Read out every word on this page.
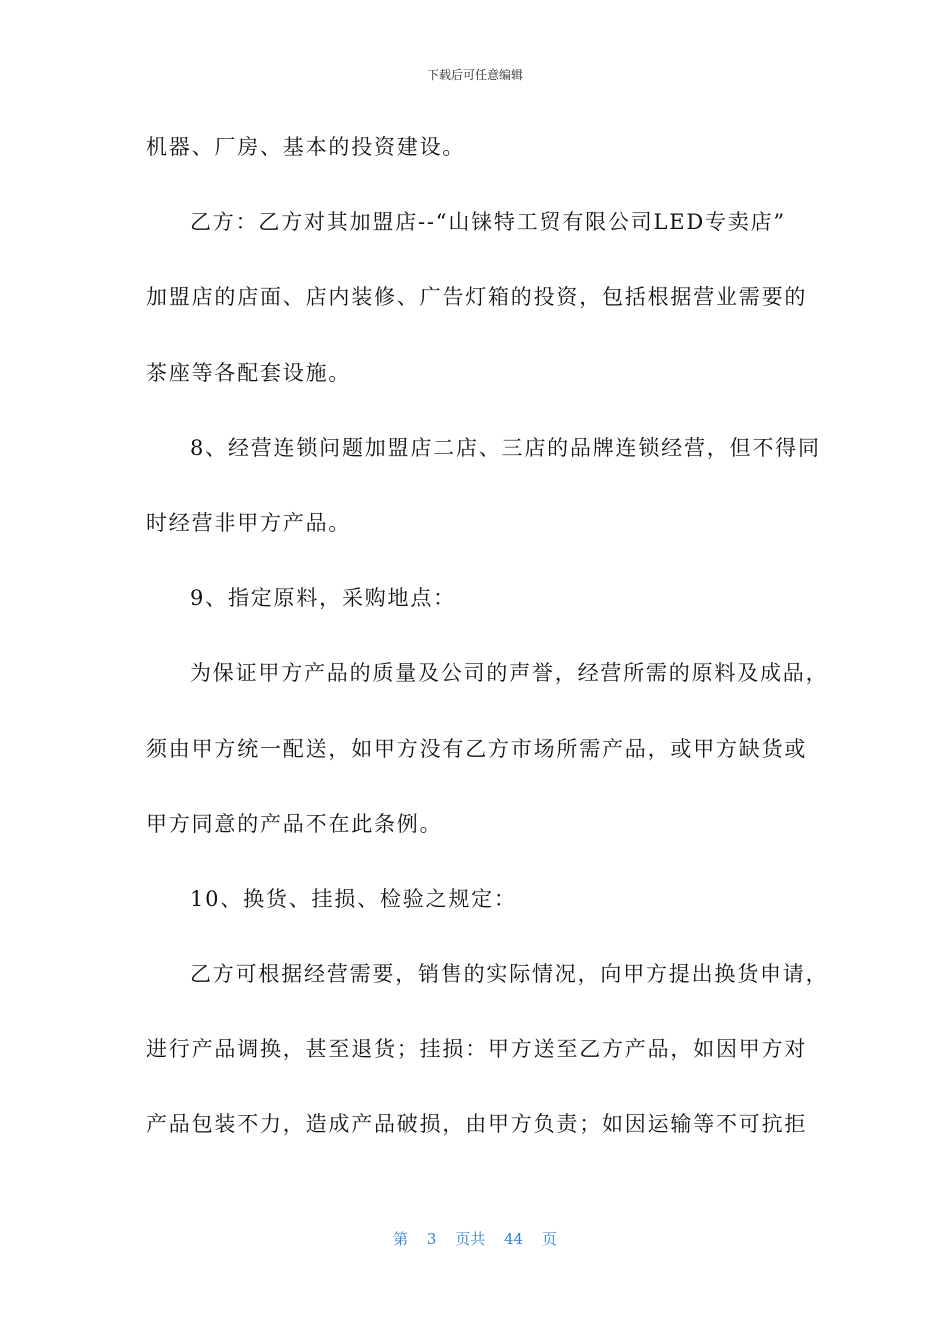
下载后可任意编辑
机器、厂房、基本的投资建设。
乙方：乙方对其加盟店--“山铼特工贸有限公司LED专卖店”
加盟店的店面、店内装修、广告灯箱的投资，包括根据营业需要的
茶座等各配套设施。
8、经营连锁问题加盟店二店、三店的品牌连锁经营，但不得同
时经营非甲方产品。
9、指定原料，采购地点：
为保证甲方产品的质量及公司的声誉，经营所需的原料及成品，
须由甲方统一配送，如甲方没有乙方市场所需产品，或甲方缺货或
甲方同意的产品不在此条例。
10、换货、挂损、检验之规定：
乙方可根据经营需要，销售的实际情况，向甲方提出换货申请，
进行产品调换，甚至退货；挂损：甲方送至乙方产品，如因甲方对
产品包装不力，造成产品破损，由甲方负责；如因运输等不可抗拒
第 3 页共 44 页
